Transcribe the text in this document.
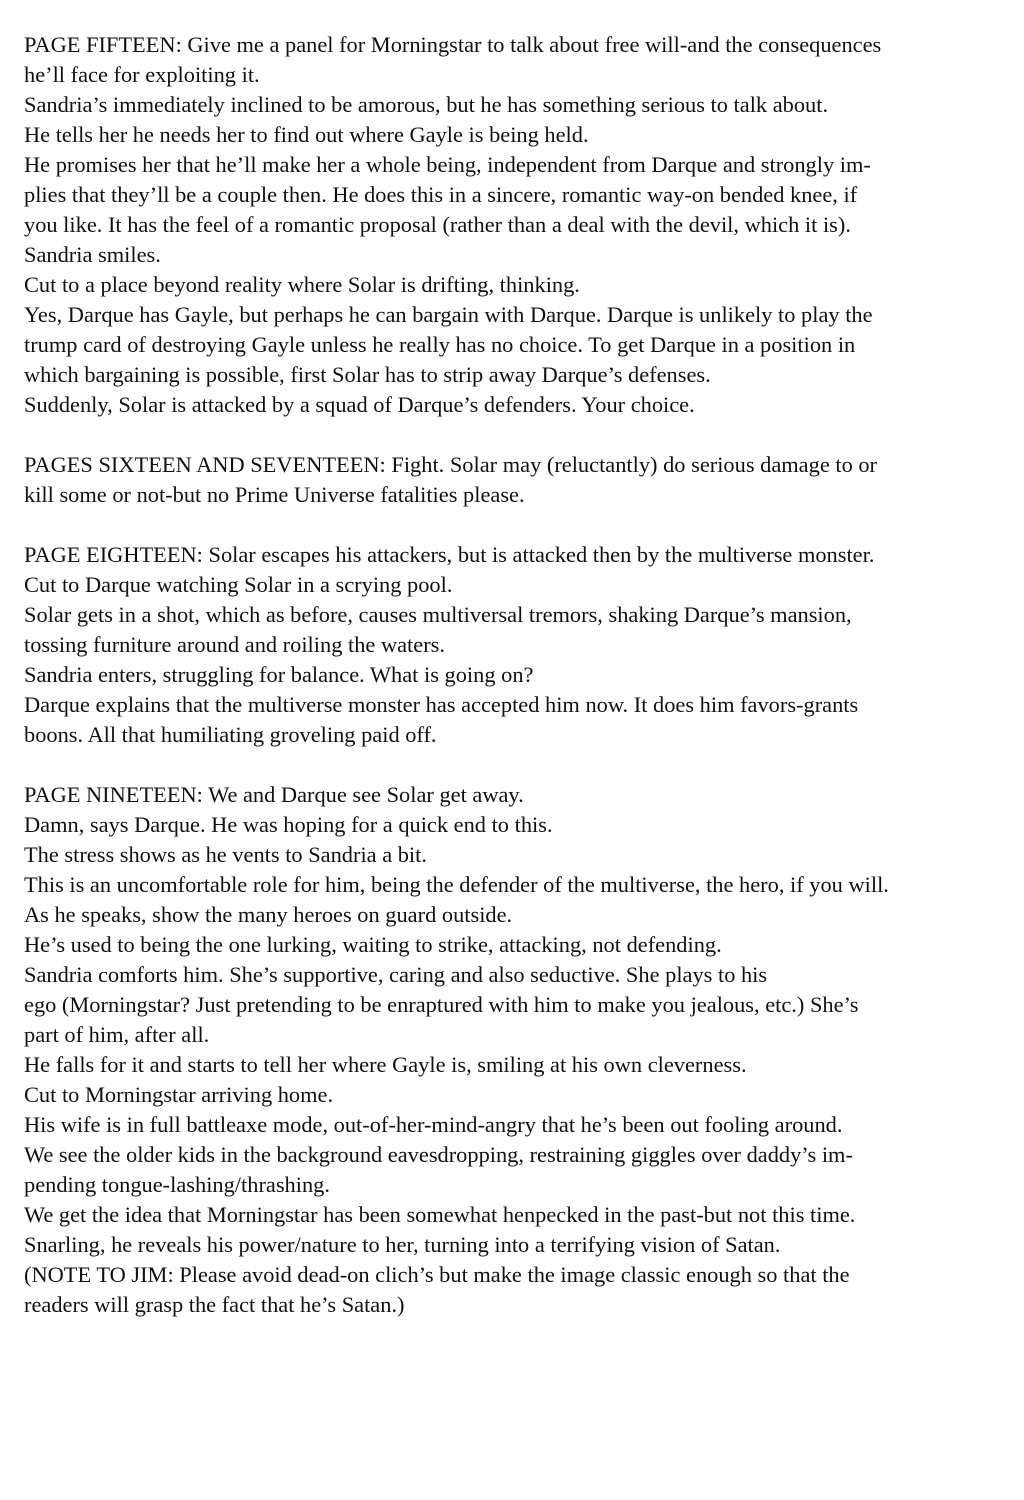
PAGE FIFTEEN: Give me a panel for Morningstar to talk about free will-and the consequences
he’ll face for exploiting it.
Sandria’s immediately inclined to be amorous, but he has something serious to talk about.
He tells her he needs her to find out where Gayle is being held.
He promises her that he’ll make her a whole being, independent from Darque and strongly im-
plies that they’ll be a couple then. He does this in a sincere, romantic way-on bended knee, if
you like. It has the feel of a romantic proposal (rather than a deal with the devil, which it is).
Sandria smiles.
Cut to a place beyond reality where Solar is drifting, thinking.
Yes, Darque has Gayle, but perhaps he can bargain with Darque. Darque is unlikely to play the
trump card of destroying Gayle unless he really has no choice. To get Darque in a position in
which bargaining is possible, first Solar has to strip away Darque’s defenses.
Suddenly, Solar is attacked by a squad of Darque’s defenders. Your choice.
PAGES SIXTEEN AND SEVENTEEN: Fight. Solar may (reluctantly) do serious damage to or
kill some or not-but no Prime Universe fatalities please.
PAGE EIGHTEEN: Solar escapes his attackers, but is attacked then by the multiverse monster.
Cut to Darque watching Solar in a scrying pool.
Solar gets in a shot, which as before, causes multiversal tremors, shaking Darque’s mansion,
tossing furniture around and roiling the waters.
Sandria enters, struggling for balance. What is going on?
Darque explains that the multiverse monster has accepted him now. It does him favors-grants
boons. All that humiliating groveling paid off.
PAGE NINETEEN: We and Darque see Solar get away.
Damn, says Darque. He was hoping for a quick end to this.
The stress shows as he vents to Sandria a bit.
This is an uncomfortable role for him, being the defender of the multiverse, the hero, if you will.
As he speaks, show the many heroes on guard outside.
He’s used to being the one lurking, waiting to strike, attacking, not defending.
Sandria comforts him. She’s supportive, caring and also seductive. She plays to his
ego (Morningstar? Just pretending to be enraptured with him to make you jealous, etc.) She’s
part of him, after all.
He falls for it and starts to tell her where Gayle is, smiling at his own cleverness.
Cut to Morningstar arriving home.
His wife is in full battleaxe mode, out-of-her-mind-angry that he’s been out fooling around.
We see the older kids in the background eavesdropping, restraining giggles over daddy’s im-
pending tongue-lashing/thrashing.
We get the idea that Morningstar has been somewhat henpecked in the past-but not this time.
Snarling, he reveals his power/nature to her, turning into a terrifying vision of Satan.
(NOTE TO JIM: Please avoid dead-on clich’s but make the image classic enough so that the
readers will grasp the fact that he’s Satan.)
